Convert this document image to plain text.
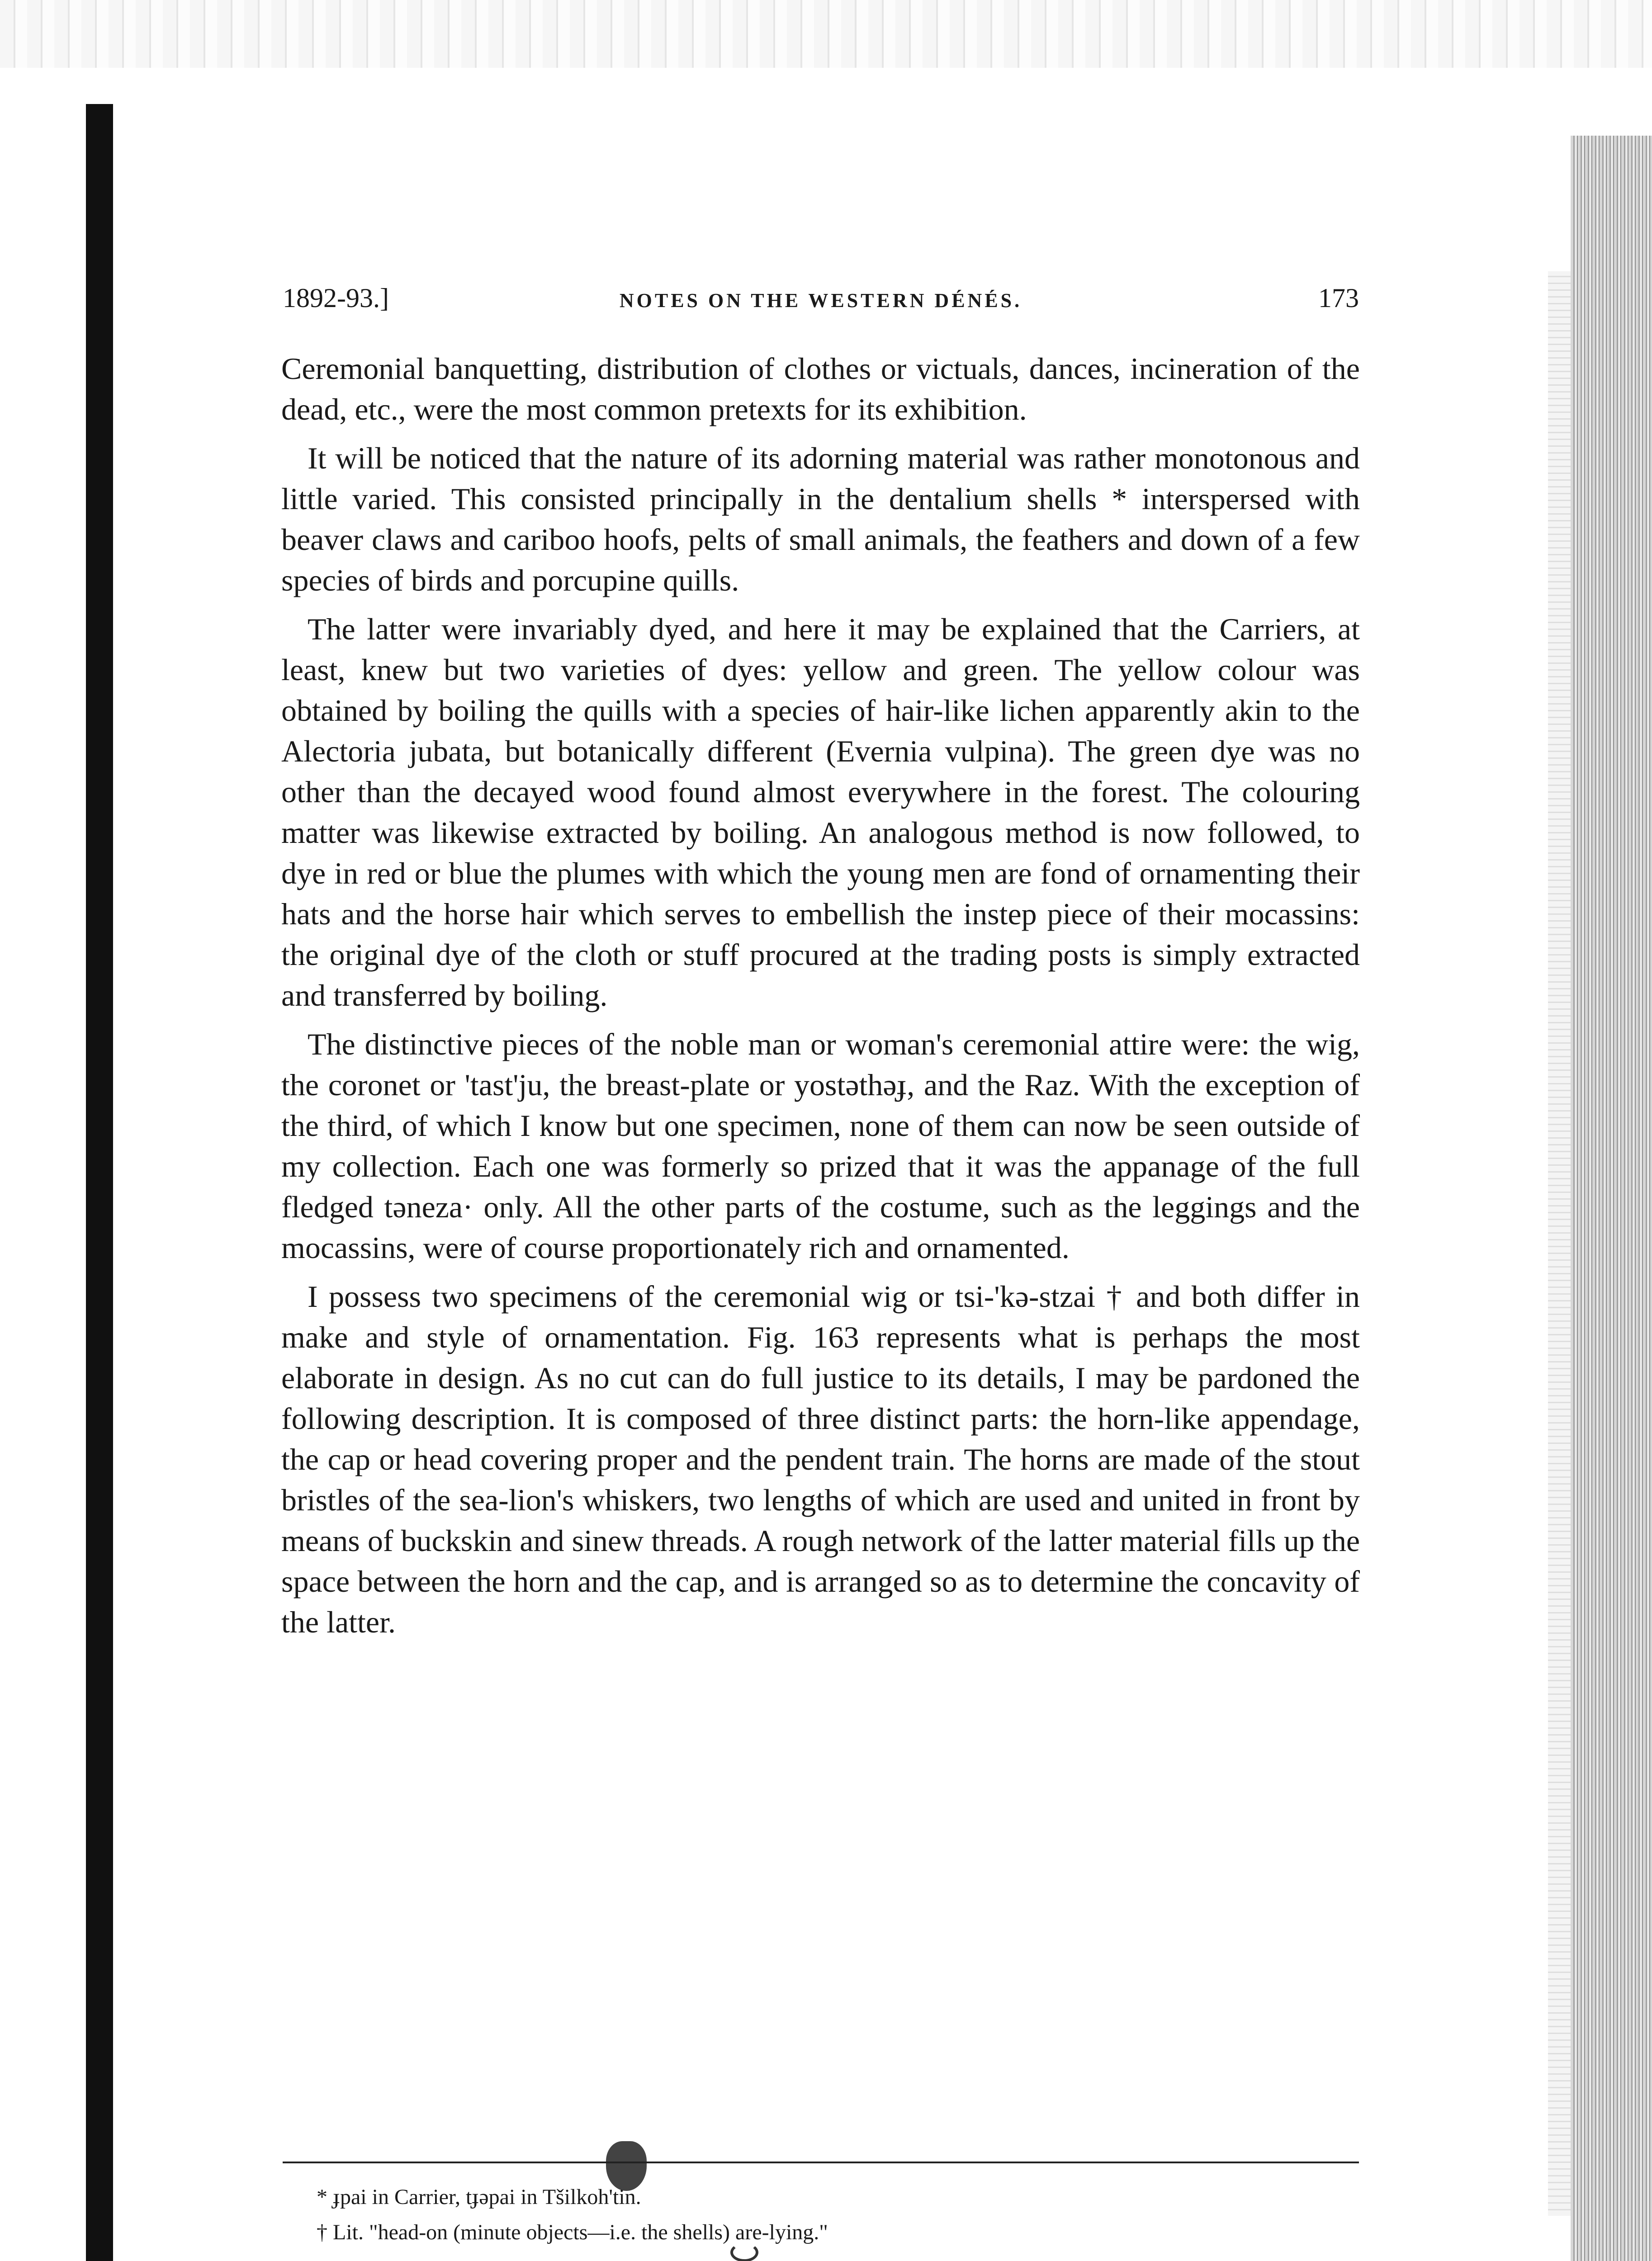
1892-93.]	NOTES ON THE WESTERN DÉNÉS.	173

Ceremonial banquetting, distribution of clothes or victuals, dances, incineration of the dead, etc., were the most common pretexts for its exhibition.

It will be noticed that the nature of its adorning material was rather monotonous and little varied. This consisted principally in the dentalium shells * interspersed with beaver claws and cariboo hoofs, pelts of small animals, the feathers and down of a few species of birds and porcupine quills.

The latter were invariably dyed, and here it may be explained that the Carriers, at least, knew but two varieties of dyes: yellow and green. The yellow colour was obtained by boiling the quills with a species of hair-like lichen apparently akin to the Alectoria jubata, but botanically different (Evernia vulpina). The green dye was no other than the decayed wood found almost everywhere in the forest. The colouring matter was likewise extracted by boiling. An analogous method is now followed, to dye in red or blue the plumes with which the young men are fond of ornamenting their hats and the horse hair which serves to embellish the instep piece of their mocassins: the original dye of the cloth or stuff procured at the trading posts is simply extracted and transferred by boiling.

The distinctive pieces of the noble man or woman's ceremonial attire were: the wig, the coronet or 'tast'ju, the breast-plate or yostəthəɟ, and the Raz. With the exception of the third, of which I know but one specimen, none of them can now be seen outside of my collection. Each one was formerly so prized that it was the appanage of the full fledged təneza· only. All the other parts of the costume, such as the leggings and the mocassins, were of course proportionately rich and ornamented.

I possess two specimens of the ceremonial wig or tsi-'kə-stzai † and both differ in make and style of ornamentation. Fig. 163 represents what is perhaps the most elaborate in design. As no cut can do full justice to its details, I may be pardoned the following description. It is composed of three distinct parts: the horn-like appendage, the cap or head covering proper and the pendent train. The horns are made of the stout bristles of the sea-lion's whiskers, two lengths of which are used and united in front by means of buckskin and sinew threads. A rough network of the latter material fills up the space between the horn and the cap, and is arranged so as to determine the concavity of the latter.

* ɟpai in Carrier, tɟəpai in Tšilkoh'tin.
† Lit. "head-on (minute objects—i.e. the shells) are-lying."
